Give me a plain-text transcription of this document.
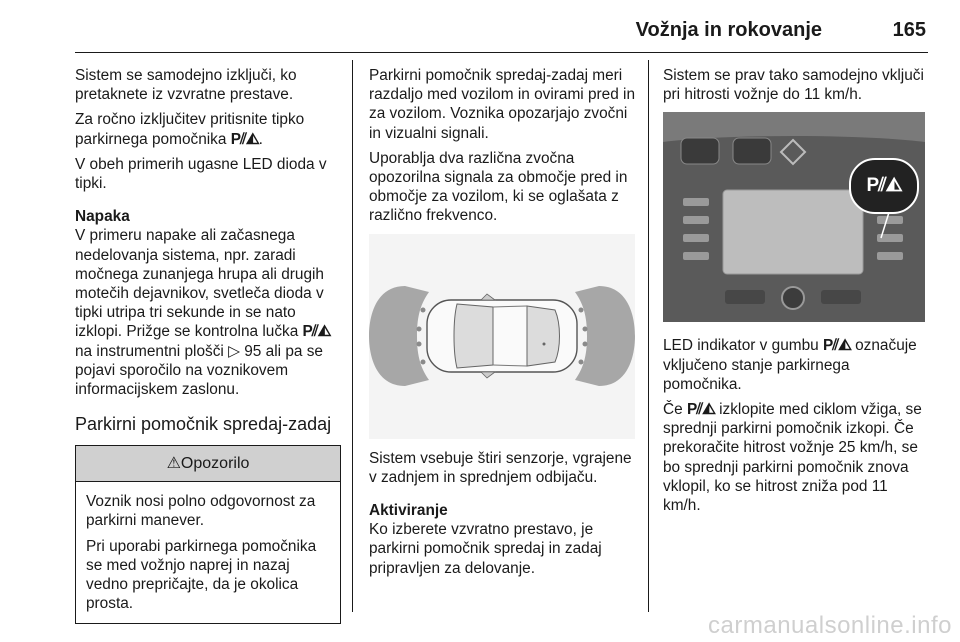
Vožnja in rokovanje	165

Sistem se samodejno izključi, ko pretaknete iz vzvratne prestave.

Za ročno izključitev pritisnite tipko parkirnega pomočnika P⫽◭.

V obeh primerih ugasne LED dioda v tipki.

Napaka

V primeru napake ali začasnega nedelovanja sistema, npr. zaradi močnega zunanjega hrupa ali drugih motečih dejavnikov, svetleča dioda v tipki utripa tri sekunde in se nato izklopi. Prižge se kontrolna lučka P⫽◭ na instrumentni plošči ▷ 95 ali pa se pojavi sporočilo na voznikovem informacijskem zaslonu.

Parkirni pomočnik spredaj-zadaj
⚠Opozorilo

Voznik nosi polno odgovornost za parkirni manever.

Pri uporabi parkirnega pomočnika se med vožnjo naprej in nazaj vedno prepričajte, da je okolica prosta.

Parkirni pomočnik spredaj-zadaj meri razdaljo med vozilom in ovirami pred in za vozilom. Voznika opozarjajo zvočni in vizualni signali.

Uporablja dva različna zvočna opozorilna signala za območje pred in območje za vozilom, ki se oglašata z različno frekvenco.

Sistem vsebuje štiri senzorje, vgrajene v zadnjem in sprednjem odbijaču.

Aktiviranje

Ko izberete vzvratno prestavo, je parkirni pomočnik spredaj in zadaj pripravljen za delovanje.

Sistem se prav tako samodejno vključi pri hitrosti vožnje do 11 km/h.

P⫽◭

LED indikator v gumbu P⫽◭ označuje vključeno stanje parkirnega pomočnika.

Če P⫽◭ izklopite med ciklom vžiga, se sprednji parkirni pomočnik izkopi. Če prekoračite hitrost vožnje 25 km/h, se bo sprednji parkirni pomočnik znova vklopil, ko se hitrost zniža pod 11 km/h.

carmanualsonline.info
